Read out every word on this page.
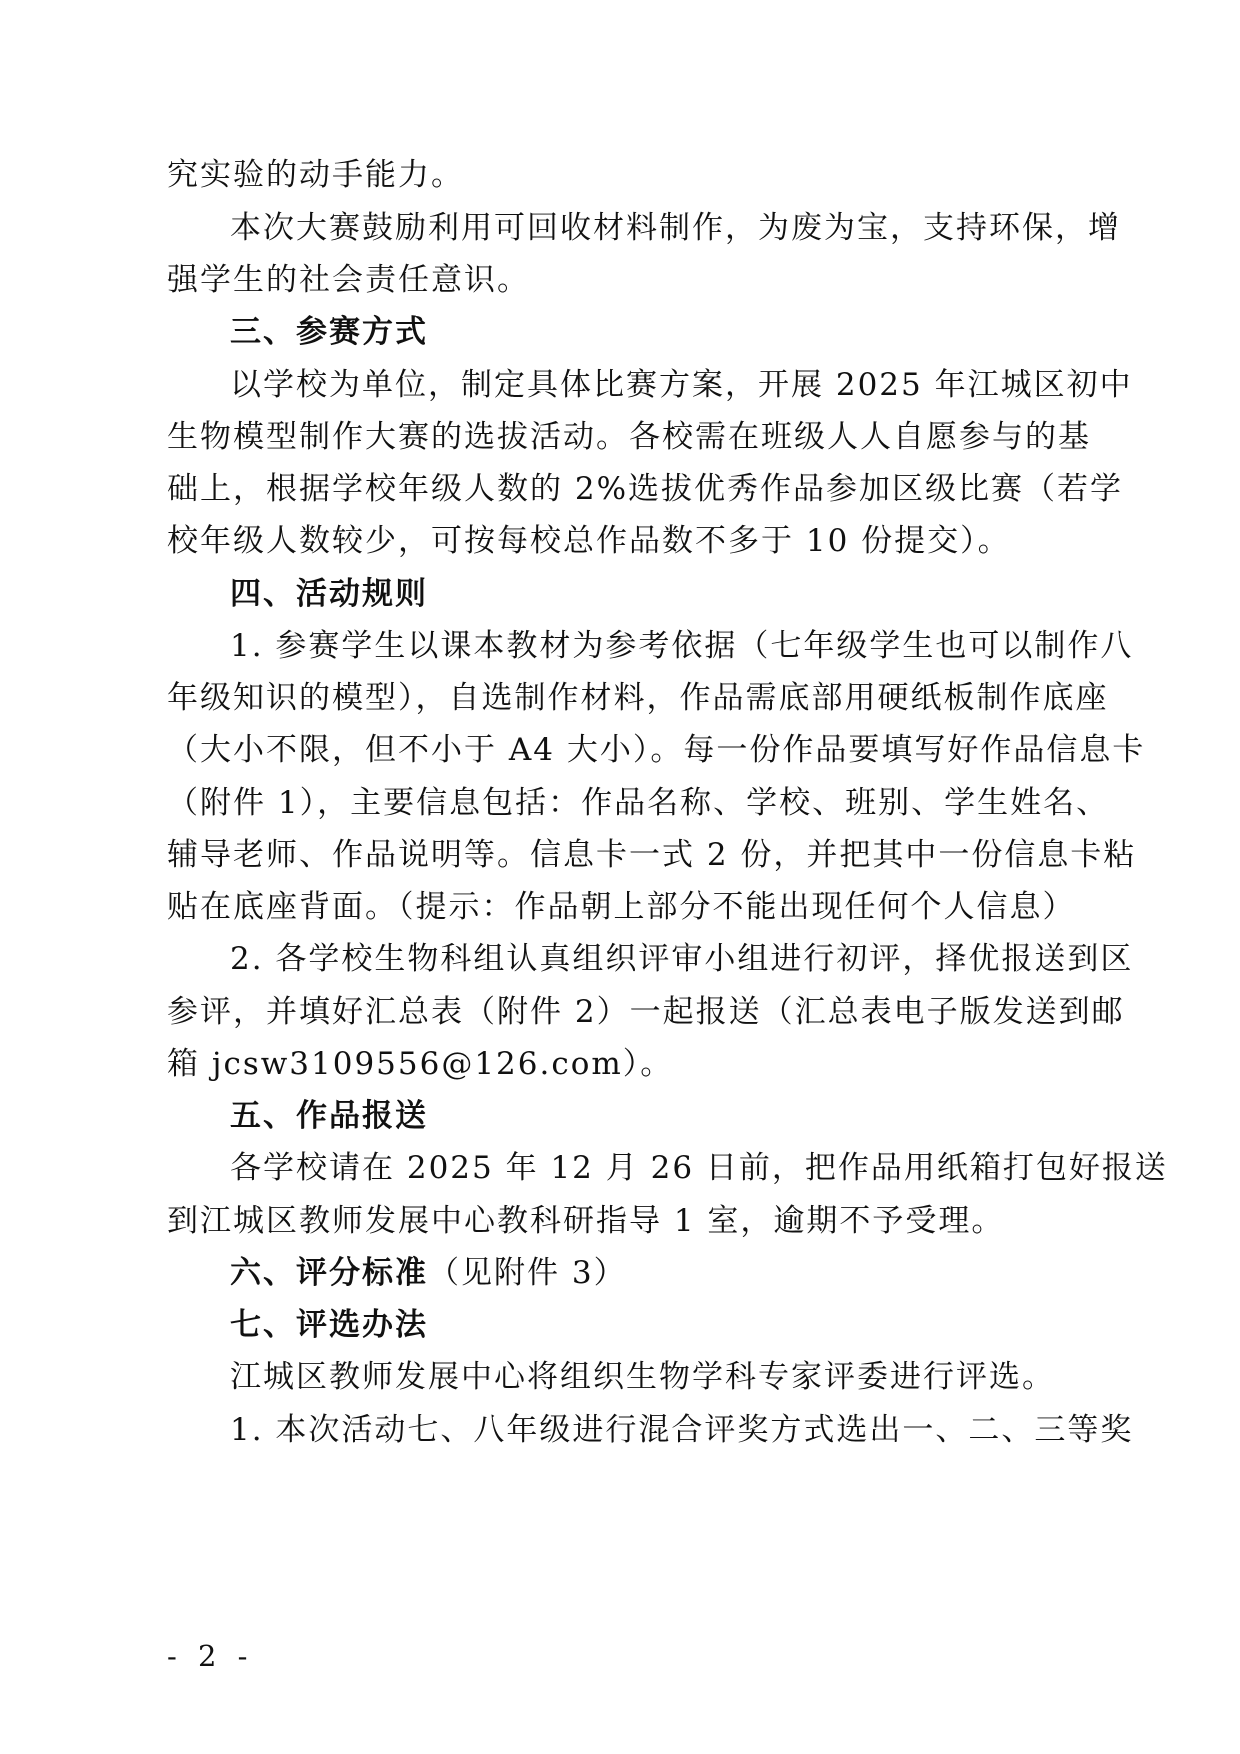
究实验的动手能力。
本次大赛鼓励利用可回收材料制作，为废为宝，支持环保，增
强学生的社会责任意识。
三、参赛方式
以学校为单位，制定具体比赛方案，开展 2025 年江城区初中
生物模型制作大赛的选拔活动。各校需在班级人人自愿参与的基
础上，根据学校年级人数的 2%选拔优秀作品参加区级比赛（若学
校年级人数较少，可按每校总作品数不多于 10 份提交）。
四、活动规则
1. 参赛学生以课本教材为参考依据（七年级学生也可以制作八
年级知识的模型），自选制作材料，作品需底部用硬纸板制作底座
（大小不限，但不小于 A4 大小）。每一份作品要填写好作品信息卡
（附件 1），主要信息包括：作品名称、学校、班别、学生姓名、
辅导老师、作品说明等。信息卡一式 2 份，并把其中一份信息卡粘
贴在底座背面。（提示：作品朝上部分不能出现任何个人信息）
2. 各学校生物科组认真组织评审小组进行初评，择优报送到区
参评，并填好汇总表（附件 2）一起报送（汇总表电子版发送到邮
箱 jcsw3109556@126.com）。
五、作品报送
各学校请在 2025 年 12 月 26 日前，把作品用纸箱打包好报送
到江城区教师发展中心教科研指导 1 室，逾期不予受理。
六、评分标准（见附件 3）
七、评选办法
江城区教师发展中心将组织生物学科专家评委进行评选。
1. 本次活动七、八年级进行混合评奖方式选出一、二、三等奖
- 2 -
